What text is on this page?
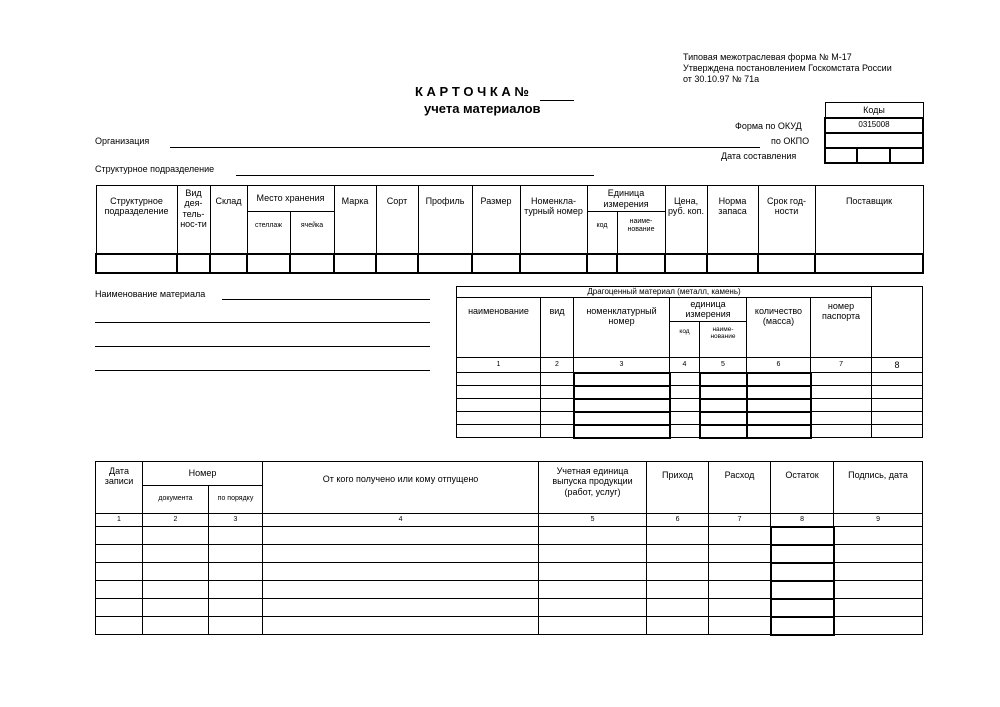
Типовая межотраслевая форма № М-17
Утверждена постановлением Госкомстата России
от 30.10.97 № 71а
К А Р Т О Ч К А №
учета материалов
Организация
Структурное подразделение
Форма по ОКУД
по ОКПО
Дата составления
Коды
0315008

Структурное подразделение	Вид дея-тель-нос-ти	Склад	Место хранения		Марка	Сорт	Профиль	Размер	Номенкла-турный номер	Единица измерения		Цена, руб. коп.	Норма запаса	Срок год-ности	Поставщик
			стеллаж	ячейка						код	наиме-нование				

Наименование материала	Драгоценный материал (металл, камень)							
наименование	вид	номенклатурный номер	единица измерения		количество (масса)	номер паспорта	
			код	наиме-нование			
1	2	3	4	5	6	7	8

Дата записи	Номер		От кого получено или кому отпущено	Учетная единица выпуска продукции (работ, услуг)	Приход	Расход	Остаток	Подпись, дата
	документа	по порядку						
1	2	3	4	5	6	7	8	9
